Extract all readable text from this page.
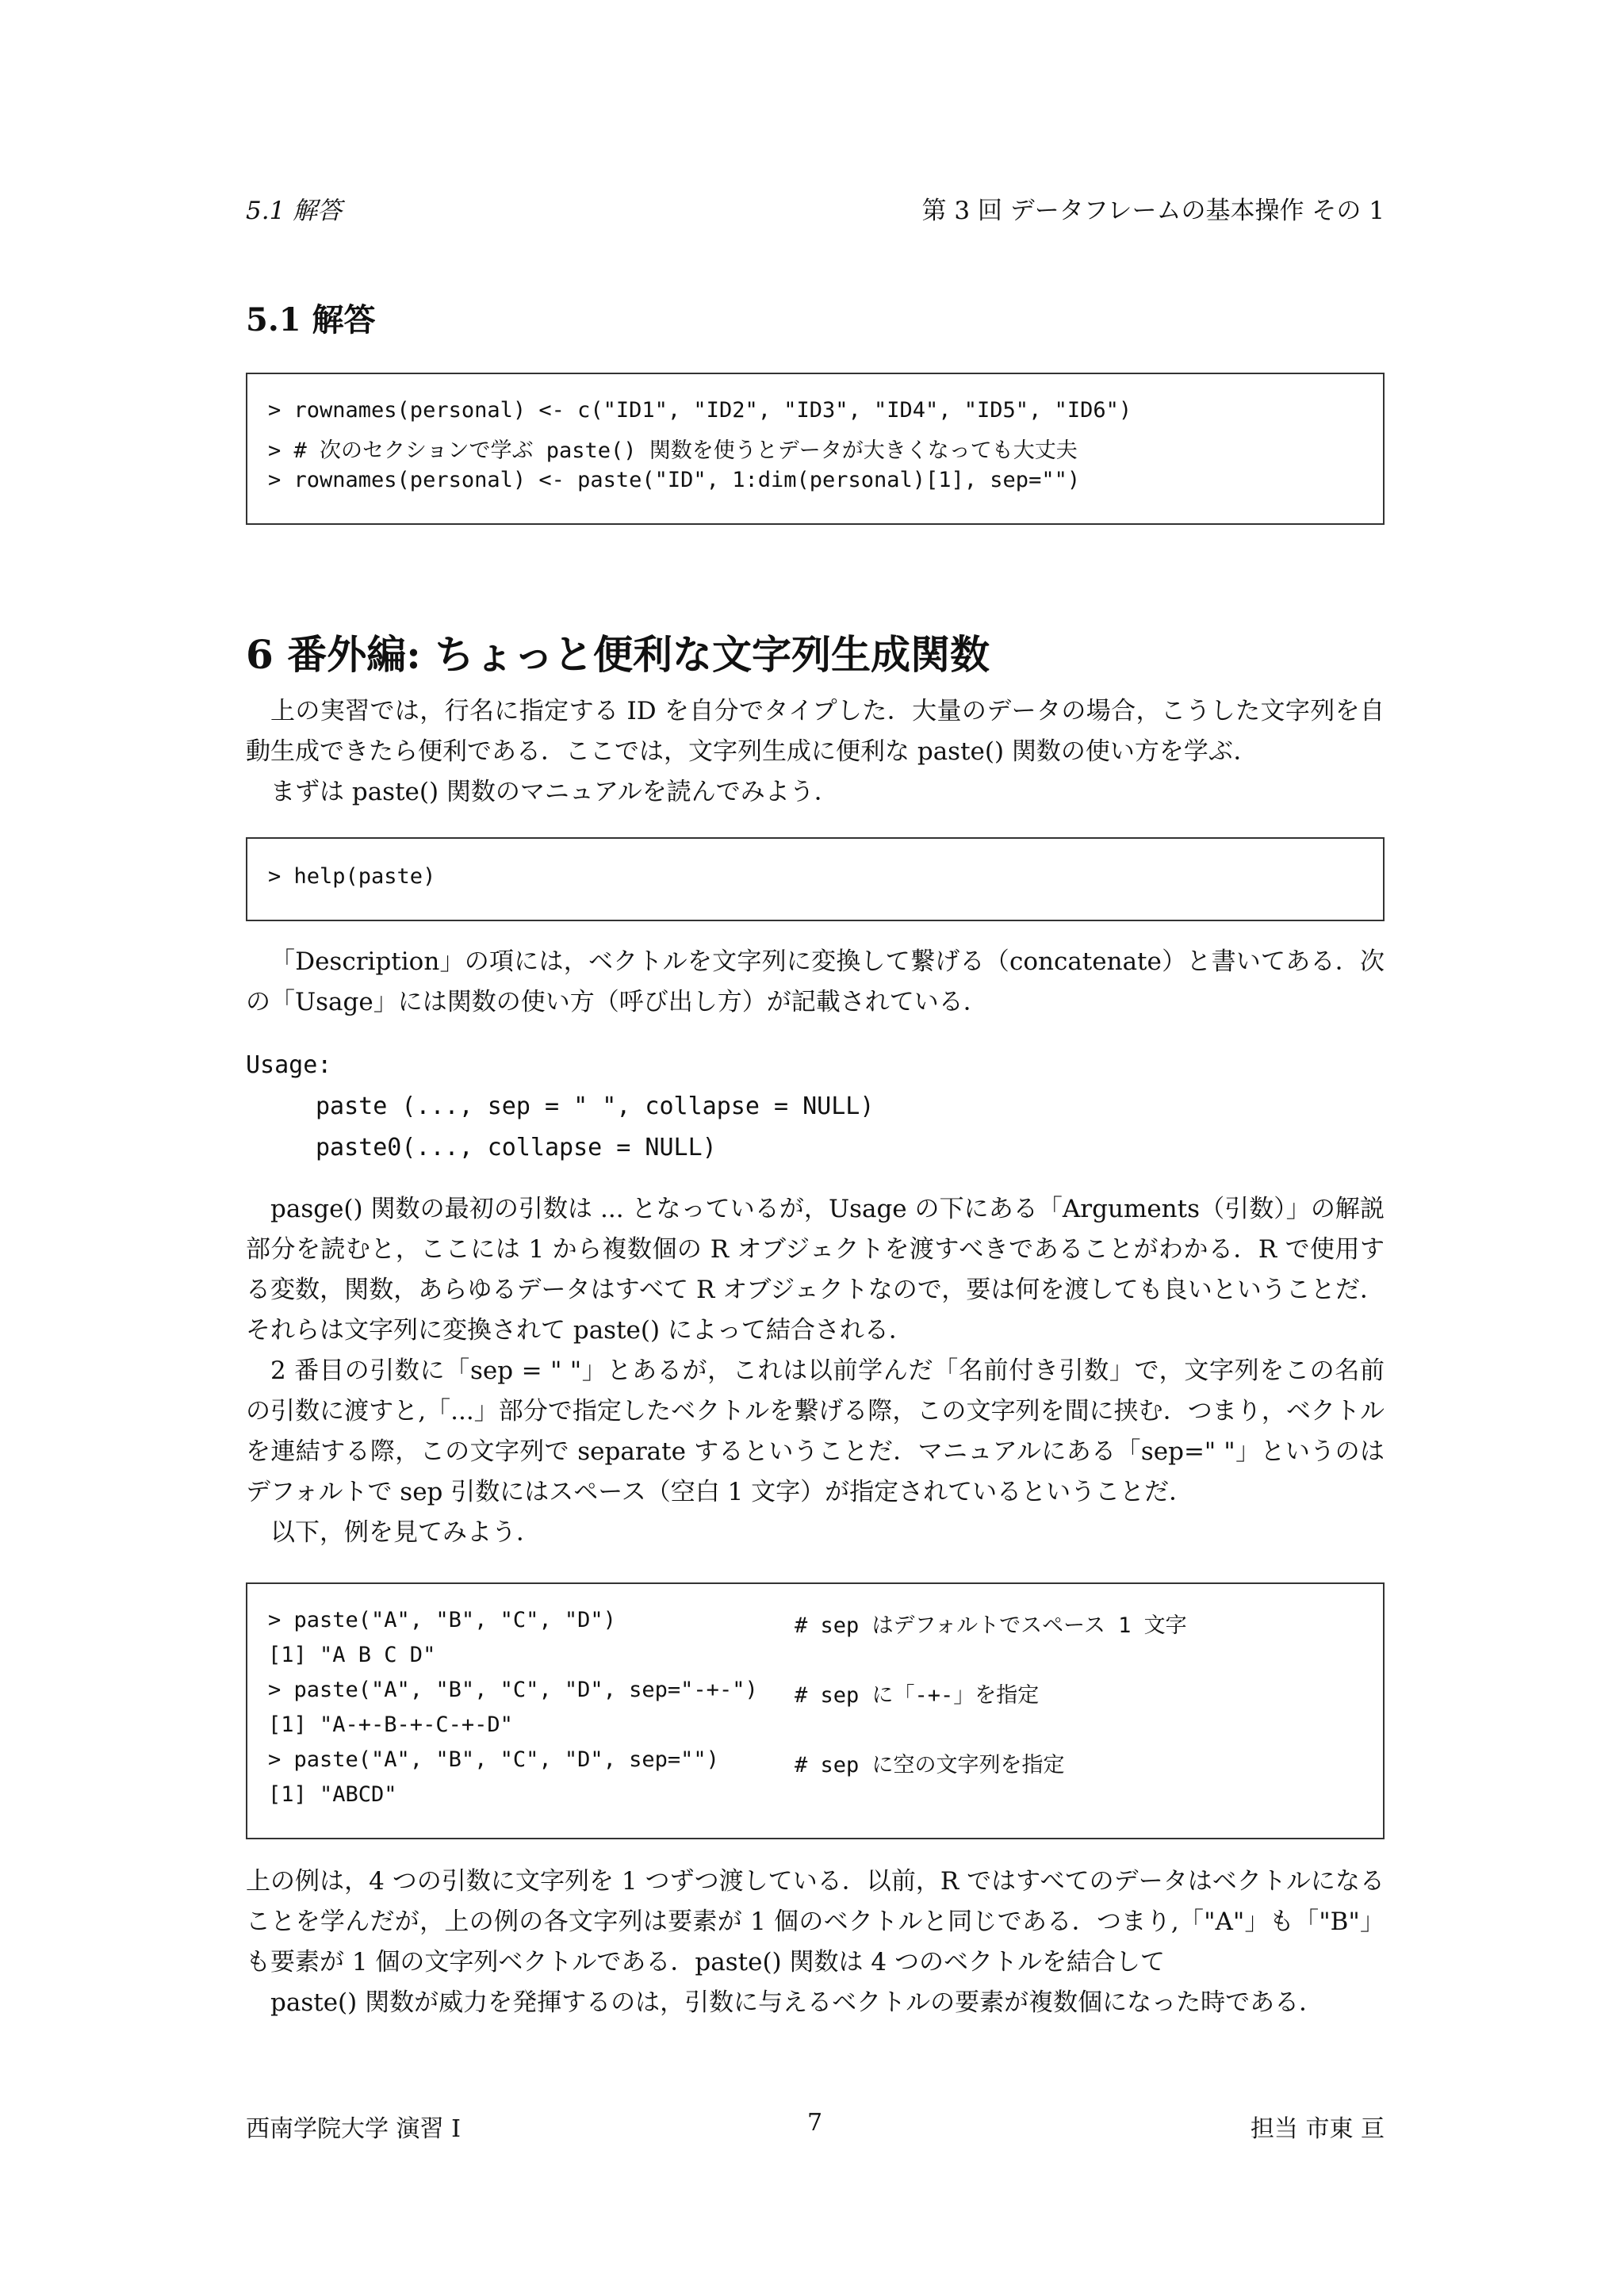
5.1 解答	第 3 回 データフレームの基本操作 その 1
5.1 解答
> rownames(personal) <- c("ID1", "ID2", "ID3", "ID4", "ID5", "ID6")
> # 次のセクションで学ぶ paste() 関数を使うとデータが大きくなっても大丈夫
> rownames(personal) <- paste("ID", 1:dim(personal)[1], sep="")
6 番外編: ちょっと便利な文字列生成関数

上の実習では，行名に指定する ID を自分でタイプした．大量のデータの場合，こうした文字列を自動生成できたら便利である．ここでは，文字列生成に便利な paste() 関数の使い方を学ぶ．

まずは paste() 関数のマニュアルを読んでみよう．

> help(paste)

「Description」の項には，ベクトルを文字列に変換して繋げる（concatenate）と書いてある．次の「Usage」には関数の使い方（呼び出し方）が記載されている．

Usage:
paste (..., sep = " ", collapse = NULL)
paste0(..., collapse = NULL)

pasge() 関数の最初の引数は ... となっているが，Usage の下にある「Arguments（引数）」の解説部分を読むと，ここには 1 から複数個の R オブジェクトを渡すべきであることがわかる．R で使用する変数，関数，あらゆるデータはすべて R オブジェクトなので，要は何を渡しても良いということだ．それらは文字列に変換されて paste() によって結合される．

2 番目の引数に「sep = " "」とあるが，これは以前学んだ「名前付き引数」で，文字列をこの名前の引数に渡すと,「...」部分で指定したベクトルを繋げる際，この文字列を間に挟む．つまり，ベクトルを連結する際，この文字列で separate するということだ．マニュアルにある「sep=" "」というのはデフォルトで sep 引数にはスペース（空白 1 文字）が指定されているということだ．

以下，例を見てみよう．

> paste("A", "B", "C", "D")	# sep はデフォルトでスペース 1 文字
[1] "A B C D"
> paste("A", "B", "C", "D", sep="-+-") # sep に「-+-」を指定
[1] "A-+-B-+-C-+-D"
> paste("A", "B", "C", "D", sep="")	# sep に空の文字列を指定
[1] "ABCD"

上の例は，4 つの引数に文字列を 1 つずつ渡している．以前，R ではすべてのデータはベクトルになることを学んだが，上の例の各文字列は要素が 1 個のベクトルと同じである．つまり,「"A"」も「"B"」も要素が 1 個の文字列ベクトルである．paste() 関数は 4 つのベクトルを結合して

paste() 関数が威力を発揮するのは，引数に与えるベクトルの要素が複数個になった時である．

西南学院大学 演習 I	7	担当 市東 亘
